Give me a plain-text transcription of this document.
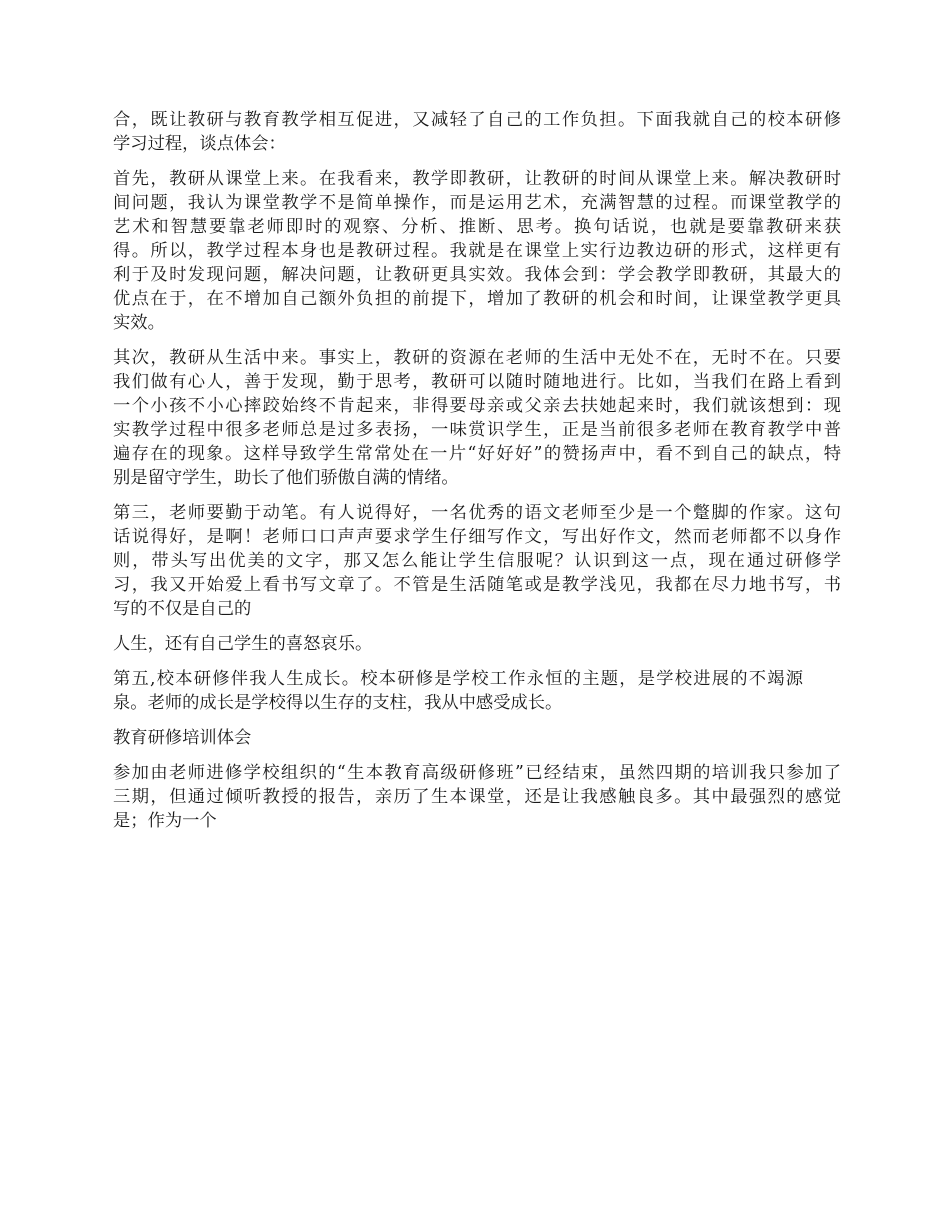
合，既让教研与教育教学相互促进，又减轻了自己的工作负担。下面我就自己的校本研修
学习过程，谈点体会：
首先，教研从课堂上来。在我看来，教学即教研，让教研的时间从课堂上来。解决教研时
间问题，我认为课堂教学不是简单操作，而是运用艺术，充满智慧的过程。而课堂教学的
艺术和智慧要靠老师即时的观察、分析、推断、思考。换句话说，也就是要靠教研来获
得。所以，教学过程本身也是教研过程。我就是在课堂上实行边教边研的形式，这样更有
利于及时发现问题，解决问题，让教研更具实效。我体会到：学会教学即教研，其最大的
优点在于，在不增加自己额外负担的前提下，增加了教研的机会和时间，让课堂教学更具
实效。
其次，教研从生活中来。事实上，教研的资源在老师的生活中无处不在，无时不在。只要
我们做有心人，善于发现，勤于思考，教研可以随时随地进行。比如，当我们在路上看到
一个小孩不小心摔跤始终不肯起来，非得要母亲或父亲去扶她起来时，我们就该想到：现
实教学过程中很多老师总是过多表扬，一味赏识学生，正是当前很多老师在教育教学中普
遍存在的现象。这样导致学生常常处在一片“好好好”的赞扬声中，看不到自己的缺点，特
别是留守学生，助长了他们骄傲自满的情绪。
第三，老师要勤于动笔。有人说得好，一名优秀的语文老师至少是一个蹩脚的作家。这句
话说得好，是啊！老师口口声声要求学生仔细写作文，写出好作文，然而老师都不以身作
则，带头写出优美的文字，那又怎么能让学生信服呢？认识到这一点，现在通过研修学
习，我又开始爱上看书写文章了。不管是生活随笔或是教学浅见，我都在尽力地书写，书
写的不仅是自己的
人生，还有自己学生的喜怒哀乐。
第五,校本研修伴我人生成长。校本研修是学校工作永恒的主题，是学校进展的不竭源
泉。老师的成长是学校得以生存的支柱，我从中感受成长。
教育研修培训体会
参加由老师进修学校组织的“生本教育高级研修班”已经结束，虽然四期的培训我只参加了
三期，但通过倾听教授的报告，亲历了生本课堂，还是让我感触良多。其中最强烈的感觉
是；作为一个
